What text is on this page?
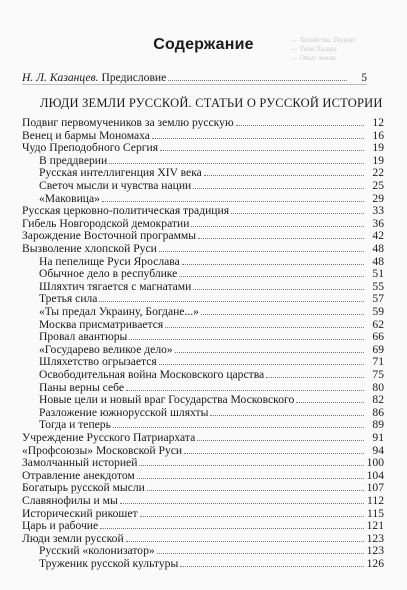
— Хозяйства. Подвиг
— Тени Хазара
— Опыт земли
Содержание
Н. Л. Казанцев. Предисловие	5
ЛЮДИ ЗЕМЛИ РУССКОЙ. СТАТЬИ О РУССКОЙ ИСТОРИИ
Подвиг первомучеников за землю русскую	12
Венец и бармы Мономаха	16
Чудо Преподобного Сергия	19
В преддверии	19
Русская интеллигенция XIV века	22
Светоч мысли и чувства нации	25
«Маковица»	29
Русская церковно-политическая традиция	33
Гибель Новгородской демократии	36
Зарождение Восточной программы	42
Вызволение хлопской Руси	48
На пепелище Руси Ярослава	48
Обычное дело в республике	51
Шляхтич тягается с магнатами	55
Третья сила	57
«Ты предал Украину, Богдане...»	59
Москва присматривается	62
Провал авантюры	66
«Государево великое дело»	69
Шляхетство огрызается	71
Освободительная война Московского царства	75
Паны верны себе	80
Новые цели и новый враг Государства Московского	82
Разложение южнорусской шляхты	86
Тогда и теперь	89
Учреждение Русского Патриархата	91
«Профсоюзы» Московской Руси	94
Замолчанный историей	100
Отравление анекдотом	104
Богатырь русской мысли	107
Славянофилы и мы	112
Исторический рикошет	115
Царь и рабочие	121
Люди земли русской	123
Русский «колонизатор»	123
Труженик русской культуры	126
